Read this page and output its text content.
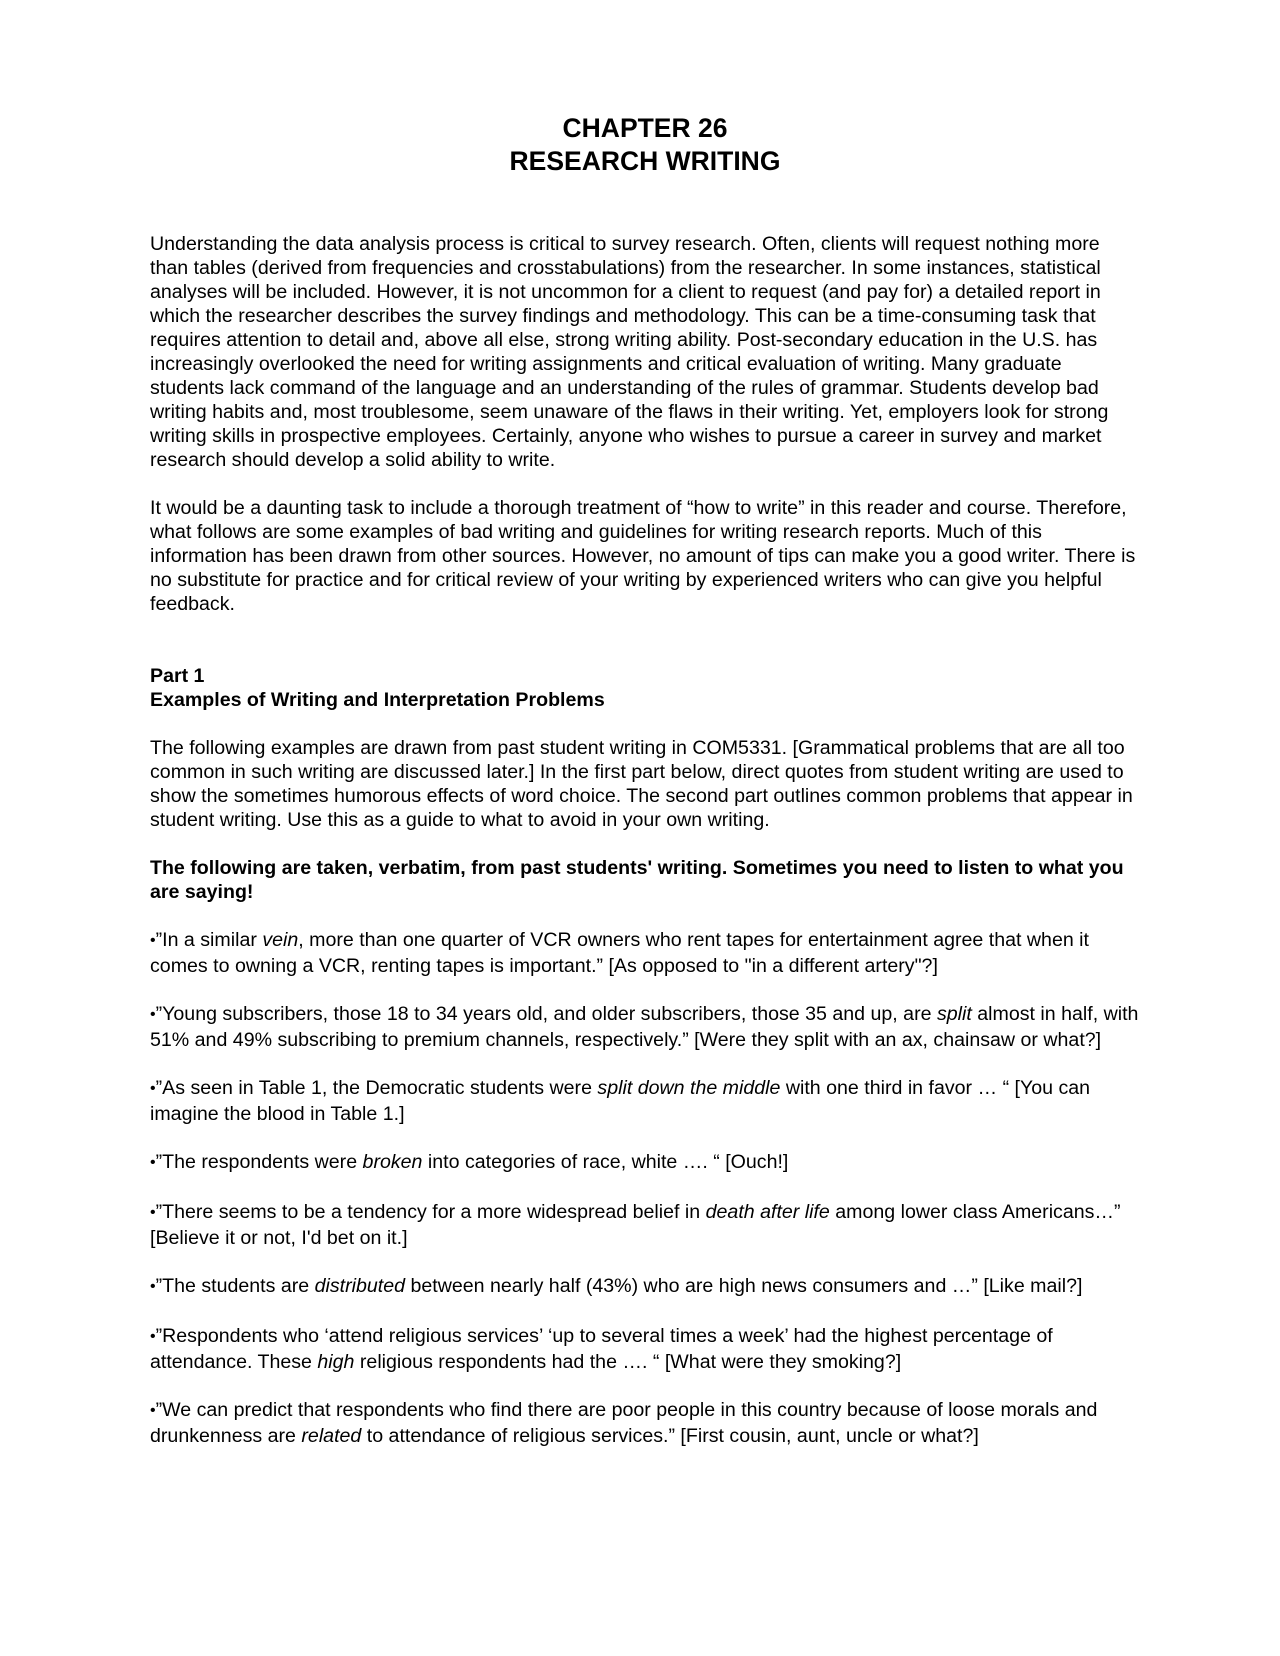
CHAPTER 26
RESEARCH WRITING

Understanding the data analysis process is critical to survey research. Often, clients will request nothing more than tables (derived from frequencies and crosstabulations) from the researcher. In some instances, statistical analyses will be included. However, it is not uncommon for a client to request (and pay for) a detailed report in which the researcher describes the survey findings and methodology. This can be a time-consuming task that requires attention to detail and, above all else, strong writing ability. Post-secondary education in the U.S. has increasingly overlooked the need for writing assignments and critical evaluation of writing. Many graduate students lack command of the language and an understanding of the rules of grammar. Students develop bad writing habits and, most troublesome, seem unaware of the flaws in their writing. Yet, employers look for strong writing skills in prospective employees. Certainly, anyone who wishes to pursue a career in survey and market research should develop a solid ability to write.

It would be a daunting task to include a thorough treatment of “how to write” in this reader and course. Therefore, what follows are some examples of bad writing and guidelines for writing research reports. Much of this information has been drawn from other sources. However, no amount of tips can make you a good writer. There is no substitute for practice and for critical review of your writing by experienced writers who can give you helpful feedback.

Part 1
Examples of Writing and Interpretation Problems

The following examples are drawn from past student writing in COM5331. [Grammatical problems that are all too common in such writing are discussed later.] In the first part below, direct quotes from student writing are used to show the sometimes humorous effects of word choice. The second part outlines common problems that appear in student writing. Use this as a guide to what to avoid in your own writing.

The following are taken, verbatim, from past students' writing. Sometimes you need to listen to what you are saying!

•”In a similar vein, more than one quarter of VCR owners who rent tapes for entertainment agree that when it comes to owning a VCR, renting tapes is important.” [As opposed to "in a different artery"?]

•”Young subscribers, those 18 to 34 years old, and older subscribers, those 35 and up, are split almost in half, with 51% and 49% subscribing to premium channels, respectively.” [Were they split with an ax, chainsaw or what?]

•”As seen in Table 1, the Democratic students were split down the middle with one third in favor … “ [You can imagine the blood in Table 1.]

•”The respondents were broken into categories of race, white …. “ [Ouch!]

•”There seems to be a tendency for a more widespread belief in death after life among lower class Americans…” [Believe it or not, I'd bet on it.]

•”The students are distributed between nearly half (43%) who are high news consumers and …” [Like mail?]

•”Respondents who ‘attend religious services’ ‘up to several times a week’ had the highest percentage of attendance. These high religious respondents had the …. “ [What were they smoking?]

•”We can predict that respondents who find there are poor people in this country because of loose morals and drunkenness are related to attendance of religious services.” [First cousin, aunt, uncle or what?]
